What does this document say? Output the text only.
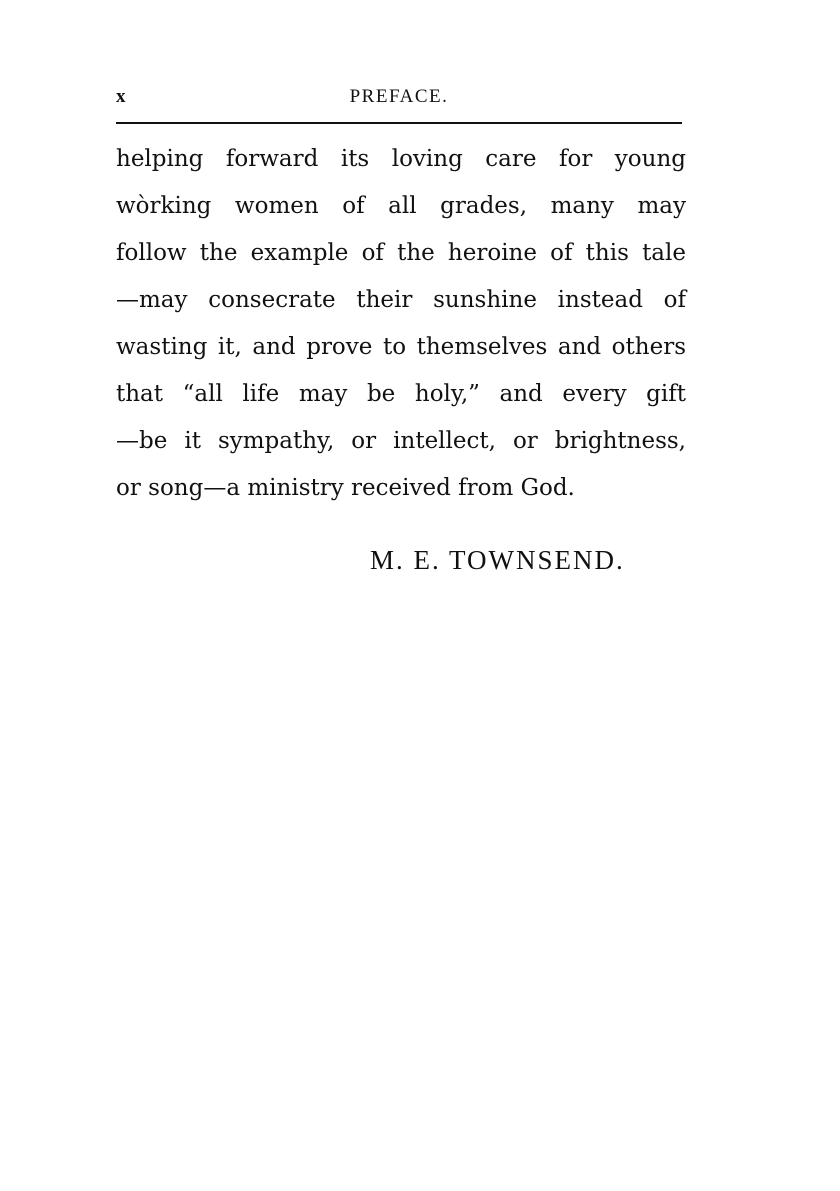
x	PREFACE.
helping forward its loving care for young
wòrking women of all grades, many may
follow the example of the heroine of this tale
—may consecrate their sunshine instead of
wasting it, and prove to themselves and others
that “all life may be holy,” and every gift
—be it sympathy, or intellect, or brightness,
or song—a ministry received from God.
M. E. TOWNSEND.
